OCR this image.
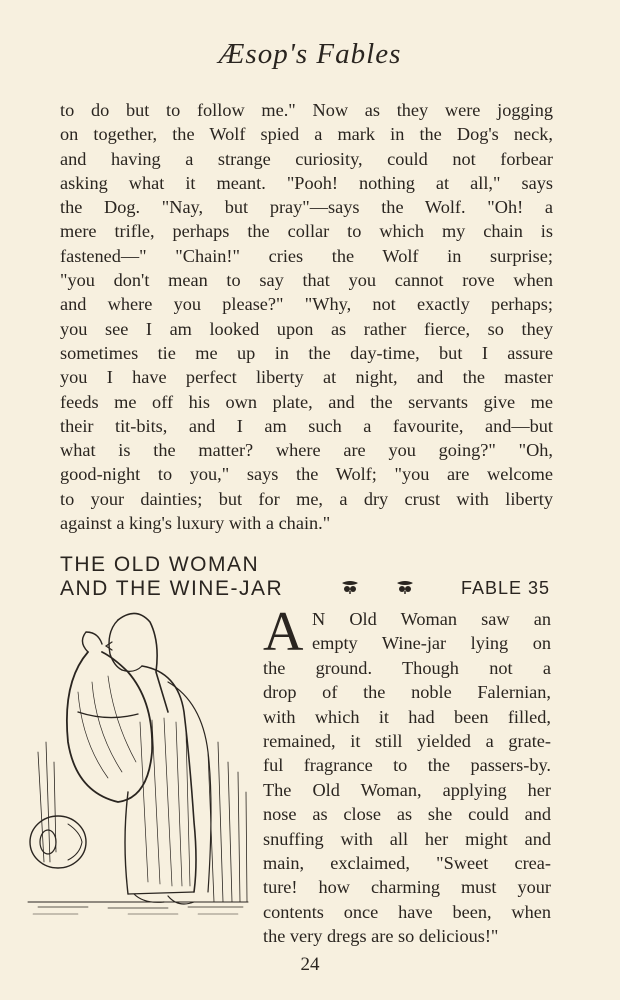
Æsop's Fables
to do but to follow me." Now as they were jogging
on together, the Wolf spied a mark in the Dog's neck,
and having a strange curiosity, could not forbear
asking what it meant. "Pooh! nothing at all," says
the Dog. "Nay, but pray"—says the Wolf. "Oh! a
mere trifle, perhaps the collar to which my chain is
fastened—" "Chain!" cries the Wolf in surprise;
"you don't mean to say that you cannot rove when
and where you please?" "Why, not exactly perhaps;
you see I am looked upon as rather fierce, so they
sometimes tie me up in the day-time, but I assure
you I have perfect liberty at night, and the master
feeds me off his own plate, and the servants give me
their tit-bits, and I am such a favourite, and—but
what is the matter? where are you going?" "Oh,
good-night to you," says the Wolf; "you are welcome
to your dainties; but for me, a dry crust with liberty
against a king's luxury with a chain."
THE OLD WOMAN
AND THE WINE-JAR	FABLE 35
A N Old Woman saw an
empty Wine-jar lying on
the ground. Though not a
drop of the noble Falernian,
with which it had been filled,
remained, it still yielded a grate-
ful fragrance to the passers-by.
The Old Woman, applying her
nose as close as she could and
snuffing with all her might and
main, exclaimed, "Sweet crea-
ture! how charming must your
contents once have been, when
the very dregs are so delicious!"
24
